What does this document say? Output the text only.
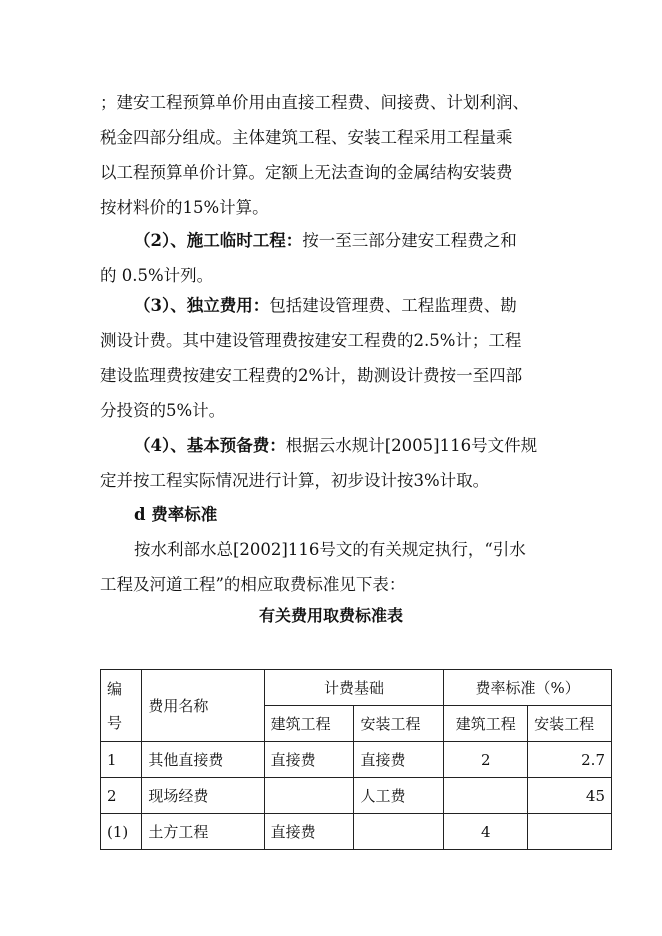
；建安工程预算单价用由直接工程费、间接费、计划利润、
税金四部分组成。主体建筑工程、安装工程采用工程量乘
以工程预算单价计算。定额上无法查询的金属结构安装费
按材料价的15%计算。
（2）、施工临时工程：按一至三部分建安工程费之和
的 0.5%计列。
（3）、独立费用：包括建设管理费、工程监理费、勘
测设计费。其中建设管理费按建安工程费的2.5%计；工程
建设监理费按建安工程费的2%计，勘测设计费按一至四部
分投资的5%计。
（4）、基本预备费：根据云水规计[2005]116号文件规
定并按工程实际情况进行计算，初步设计按3%计取。
d 费率标准
按水利部水总[2002]116号文的有关规定执行，“引水
工程及河道工程”的相应取费标准见下表：
有关费用取费标准表
编
号	费用名称	计费基础		费率标准（%）	
		建筑工程	安装工程	建筑工程	安装工程
1	其他直接费	直接费	直接费	2	2.7
2	现场经费		人工费		45
(1)	土方工程	直接费		4	
